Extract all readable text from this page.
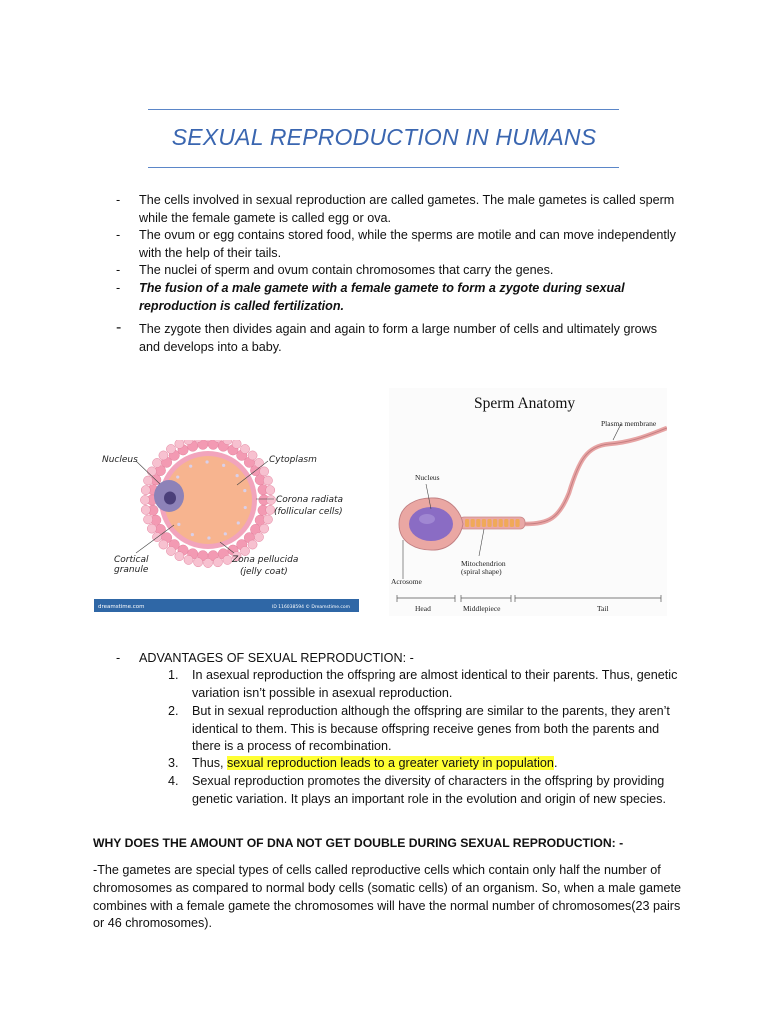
SEXUAL REPRODUCTION IN HUMANS
- The cells involved in sexual reproduction are called gametes. The male gametes is called sperm while the female gamete is called egg or ova.
- The ovum or egg contains stored food, while the sperms are motile and can move independently with the help of their tails.
- The nuclei of sperm and ovum contain chromosomes that carry the genes.
- The fusion of a male gamete with a female gamete to form a zygote during sexual reproduction is called fertilization.
- The zygote then divides again and again to form a large number of cells and ultimately grows and develops into a baby.
Nucleus	Cytoplasm
Corona radiata
(follicular cells)
Cortical
granule
Zona pellucida
(jelly coat)
dreamstime.com	ID 116038594 © Dreamstime.com
Sperm Anatomy
Plasma membrane
Nucleus
Mitochendrion
(spiral shape)
Acrosome
Head	Middlepiece	Tail
- ADVANTAGES OF SEXUAL REPRODUCTION: -
1. In asexual reproduction the offspring are almost identical to their parents. Thus, genetic variation isn’t possible in asexual reproduction.
2. But in sexual reproduction although the offspring are similar to the parents, they aren’t identical to them. This is because offspring receive genes from both the parents and there is a process of recombination.
3. Thus, sexual reproduction leads to a greater variety in population.
4. Sexual reproduction promotes the diversity of characters in the offspring by providing genetic variation. It plays an important role in the evolution and origin of new species.
WHY DOES THE AMOUNT OF DNA NOT GET DOUBLE DURING SEXUAL REPRODUCTION: -
-The gametes are special types of cells called reproductive cells which contain only half the number of chromosomes as compared to normal body cells (somatic cells) of an organism. So, when a male gamete combines with a female gamete the chromosomes will have the normal number of chromosomes(23 pairs or 46 chromosomes).
